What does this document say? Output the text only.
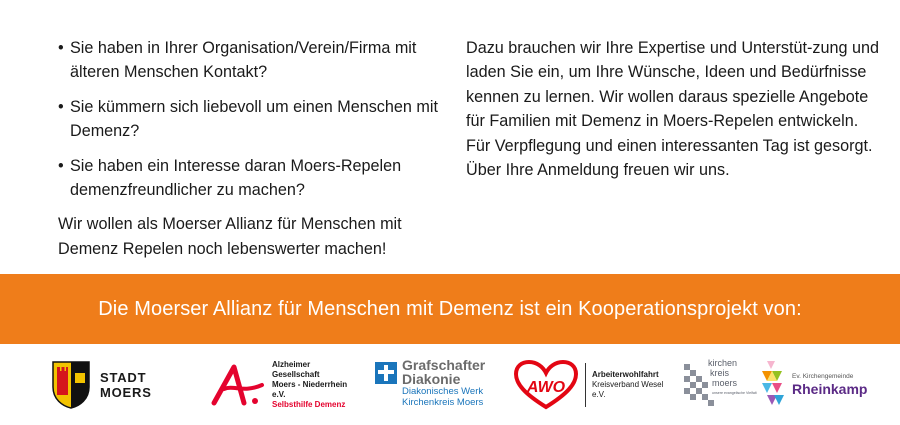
• Sie haben in Ihrer Organisation/Verein/Firma mit älteren Menschen Kontakt?
• Sie kümmern sich liebevoll um einen Menschen mit Demenz?
• Sie haben ein Interesse daran Moers-Repelen demenzfreundlicher zu machen?

Wir wollen als Moerser Allianz für Menschen mit Demenz Repelen noch lebenswerter machen!

Dazu brauchen wir Ihre Expertise und Unterstüt-zung und laden Sie ein, um Ihre Wünsche, Ideen und Bedürfnisse kennen zu lernen. Wir wollen daraus spezielle Angebote für Familien mit Demenz in Moers-Repelen entwickeln.

Für Verpflegung und einen interessanten Tag ist gesorgt.

Über Ihre Anmeldung freuen wir uns.

Die Moerser Allianz für Menschen mit Demenz ist ein Kooperationsprojekt von:
STADT MOERS
Alzheimer Gesellschaft
Moers - Niederrhein e.V.
Selbsthilfe Demenz
Grafschafter
Diakonie
Diakonisches Werk
Kirchenkreis Moers
AWO
Arbeiterwohlfahrt
Kreisverband Wesel e.V.
kirchen
kreis
moers
unsere evangelische Vielfalt
Ev. Kirchengemeinde
Rheinkamp
